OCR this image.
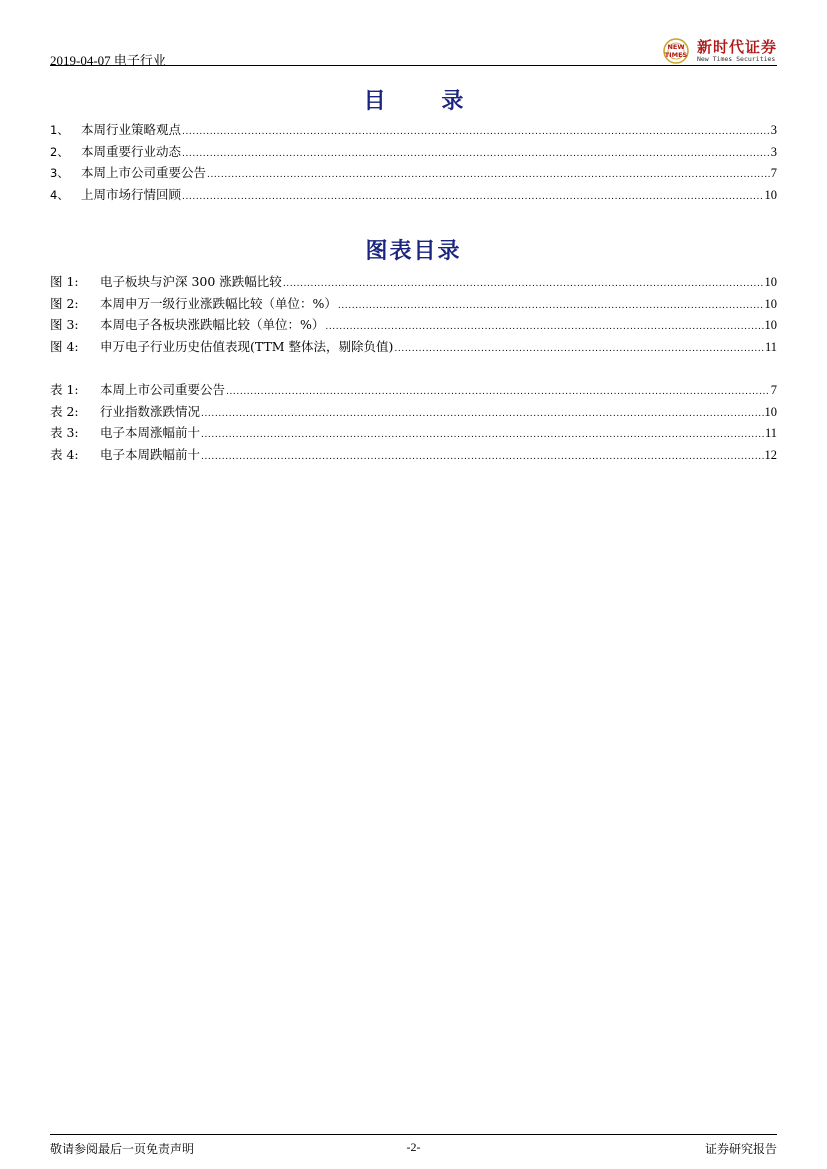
2019-04-07 电子行业
NEW
TIMES 新时代证券
New Times Securities
目 录
1、 本周行业策略观点 .....	3
2、 本周重要行业动态 .....	3
3、 本周上市公司重要公告 .....	7
4、 上周市场行情回顾 .....	10
图表目录
图 1:	电子板块与沪深 300 涨跌幅比较 .....	10
图 2:	本周申万一级行业涨跌幅比较（单位：%） .....	10
图 3:	本周电子各板块涨跌幅比较（单位：%） .....	10
图 4:	申万电子行业历史估值表现(TTM 整体法，剔除负值) .....	11
表 1:	本周上市公司重要公告 .....	7
表 2:	行业指数涨跌情况 .....	10
表 3:	电子本周涨幅前十 .....	11
表 4:	电子本周跌幅前十 .....	12
敬请参阅最后一页免责声明	-2-	证券研究报告
